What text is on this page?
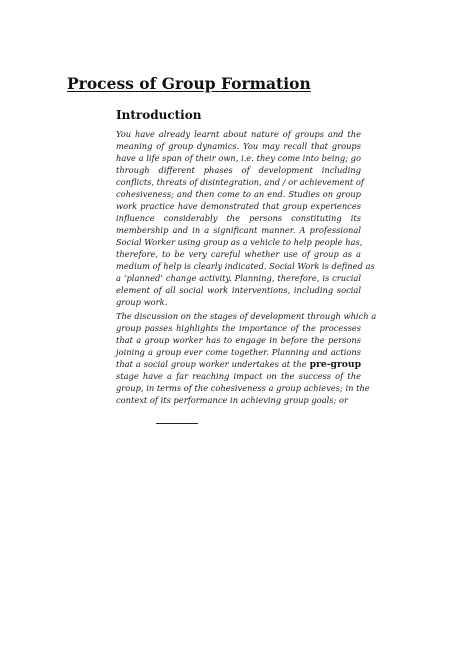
Process of Group Formation
Introduction
You have already learnt about nature of groups and the
meaning of group dynamics. You may recall that groups
have a life span of their own, i.e. they come into being; go
through different phases of development including
conflicts, threats of disintegration, and / or achievement of
cohesiveness; and then come to an end. Studies on group
work practice have demonstrated that group experiences
influence considerably the persons constituting its
membership and in a significant manner. A professional
Social Worker using group as a vehicle to help people has,
therefore, to be very careful whether use of group as a
medium of help is clearly indicated. Social Work is defined as
a ‘planned’ change activity. Planning, therefore, is crucial
element of all social work interventions, including social
group work.
The discussion on the stages of development through which a
group passes highlights the importance of the processes
that a group worker has to engage in before the persons
joining a group ever come together. Planning and actions
that a social group worker undertakes at the pre-group
stage have a far reaching impact on the success of the
group, in terms of the cohesiveness a group achieves; in the
context of its performance in achieving group goals; or
